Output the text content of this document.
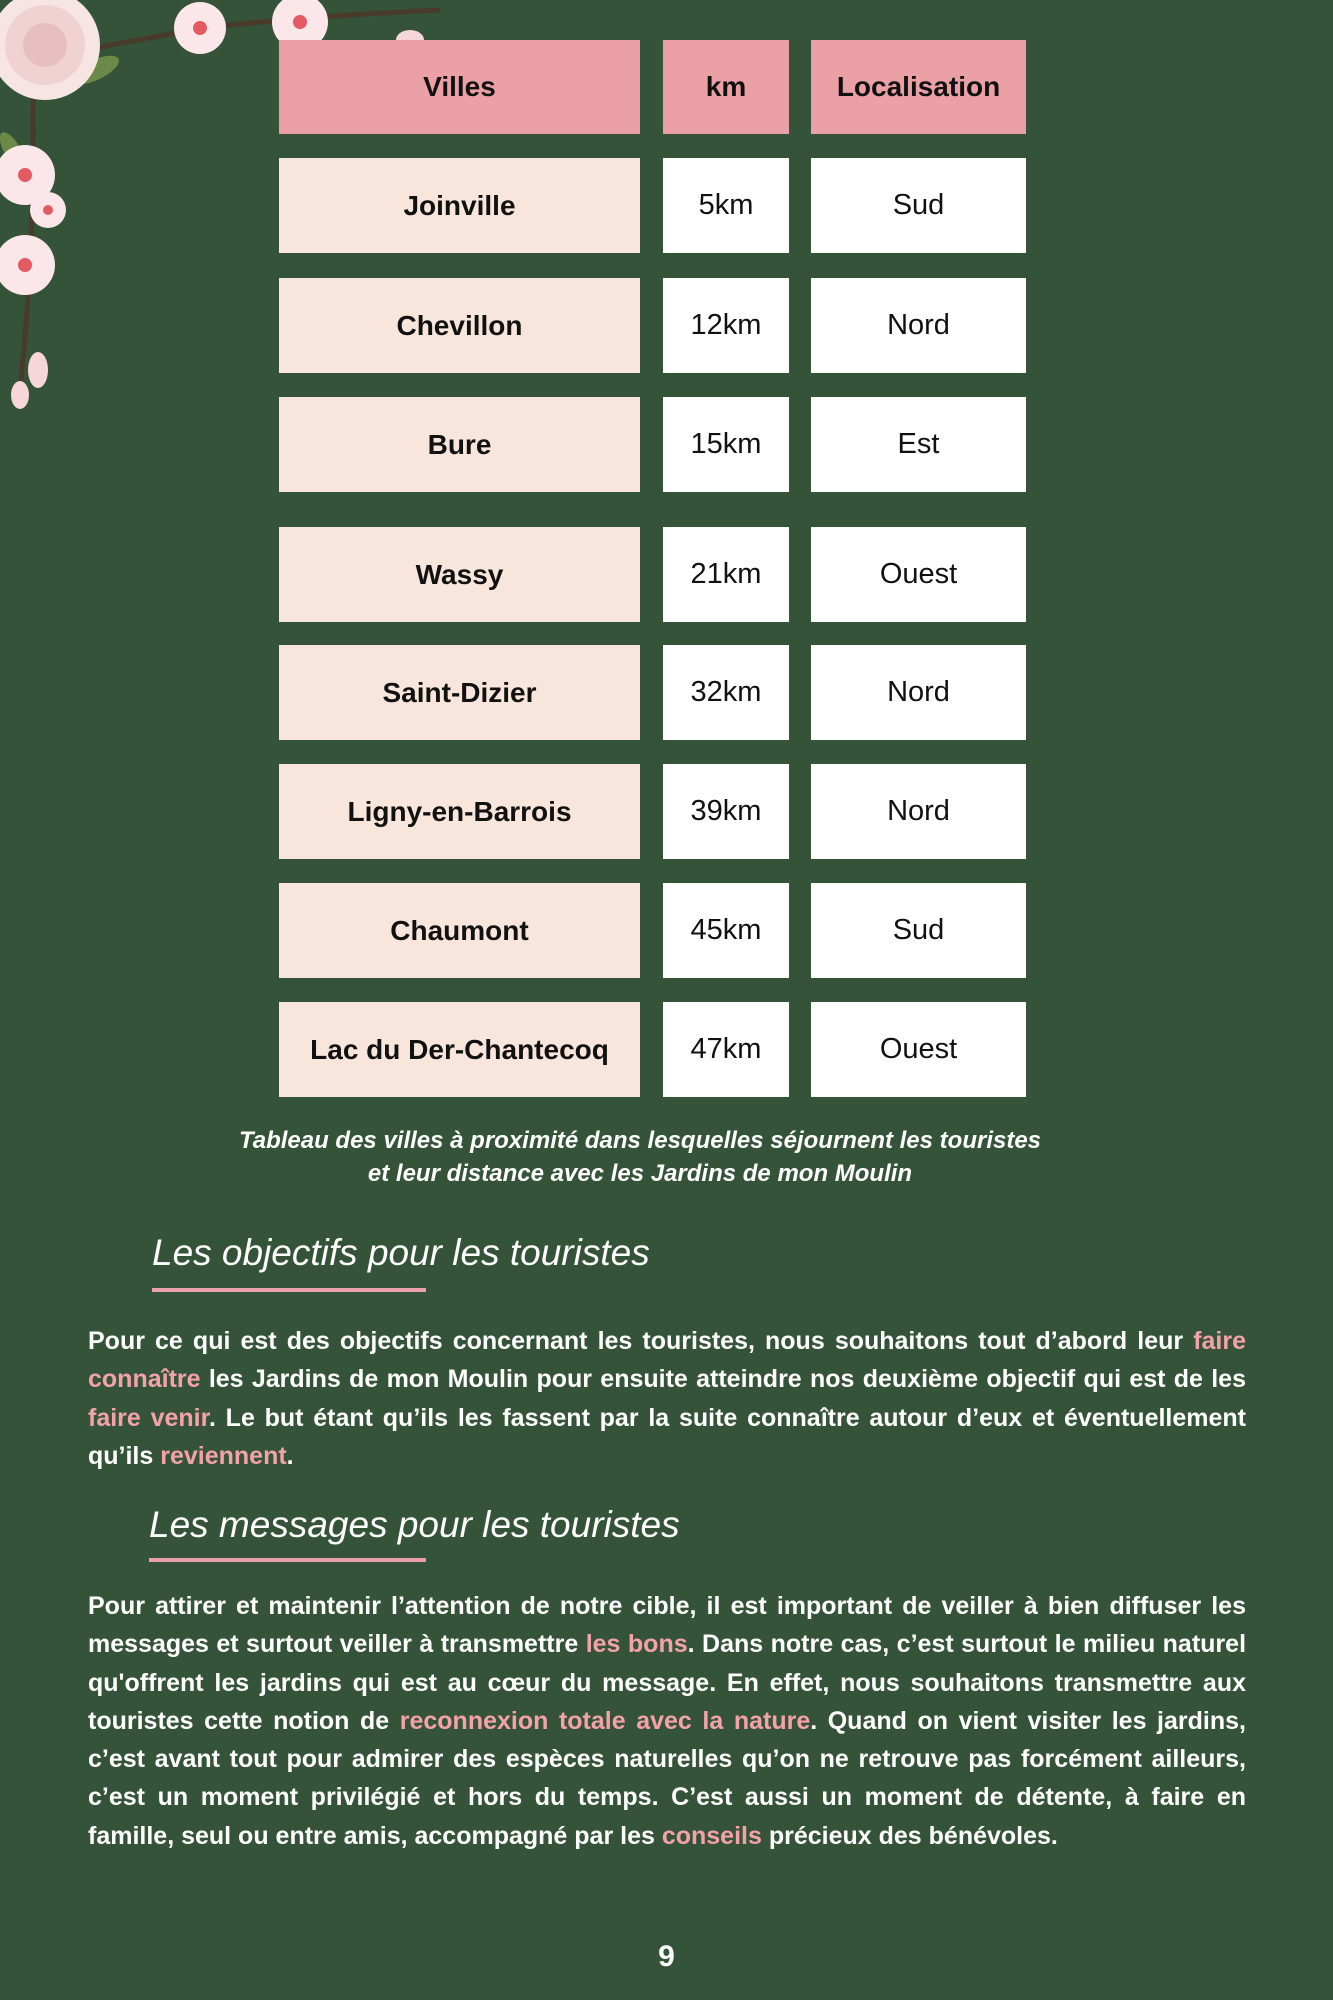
Villes	km	Localisation
Joinville	5km	Sud
Chevillon	12km	Nord
Bure	15km	Est
Wassy	21km	Ouest
Saint-Dizier	32km	Nord
Ligny-en-Barrois	39km	Nord
Chaumont	45km	Sud
Lac du Der-Chantecoq	47km	Ouest
Tableau des villes à proximité dans lesquelles séjournent les touristes
et leur distance avec les Jardins de mon Moulin
Les objectifs pour les touristes
Pour ce qui est des objectifs concernant les touristes, nous souhaitons tout d’abord leur faire connaître les Jardins de mon Moulin pour ensuite atteindre nos deuxième objectif qui est de les faire venir. Le but étant qu’ils les fassent par la suite connaître autour d’eux et éventuellement qu’ils reviennent.
Les messages pour les touristes
Pour attirer et maintenir l’attention de notre cible, il est important de veiller à bien diffuser les messages et surtout veiller à transmettre les bons. Dans notre cas, c’est surtout le milieu naturel qu'offrent les jardins qui est au cœur du message. En effet, nous souhaitons transmettre aux touristes cette notion de reconnexion totale avec la nature. Quand on vient visiter les jardins, c’est avant tout pour admirer des espèces naturelles qu’on ne retrouve pas forcément ailleurs, c’est un moment privilégié et hors du temps. C’est aussi un moment de détente, à faire en famille, seul ou entre amis, accompagné par les conseils précieux des bénévoles.
9
